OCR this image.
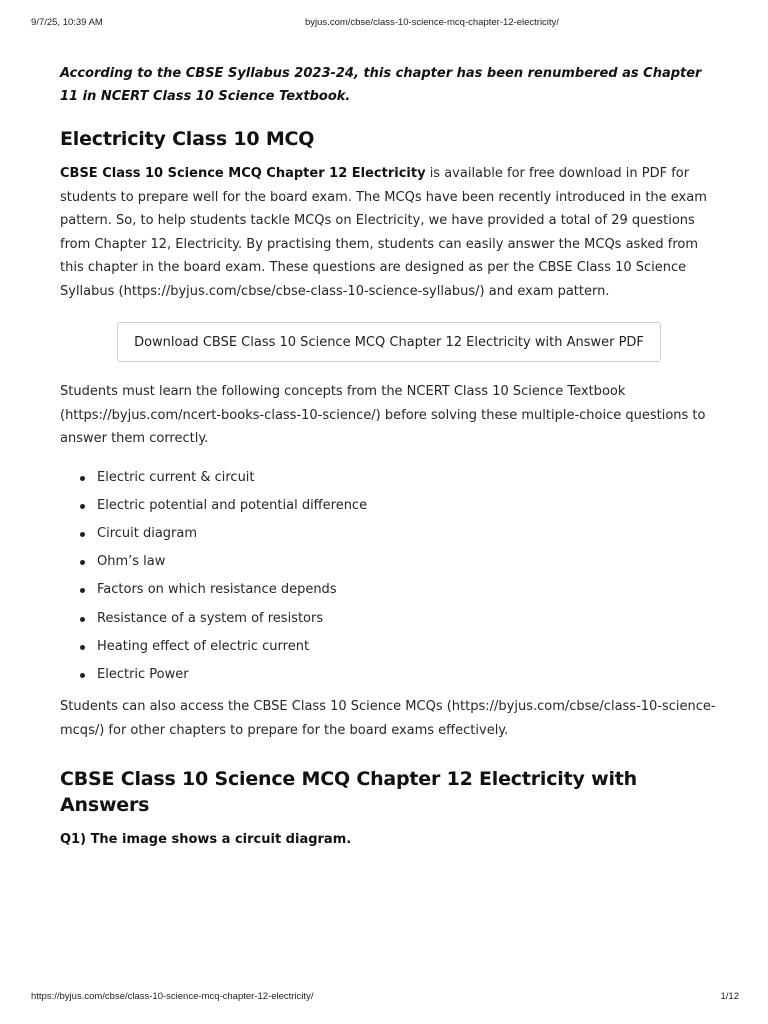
9/7/25, 10:39 AM	byjus.com/cbse/class-10-science-mcq-chapter-12-electricity/

According to the CBSE Syllabus 2023-24, this chapter has been renumbered as Chapter 11 in NCERT Class 10 Science Textbook.

Electricity Class 10 MCQ

CBSE Class 10 Science MCQ Chapter 12 Electricity is available for free download in PDF for students to prepare well for the board exam. The MCQs have been recently introduced in the exam pattern. So, to help students tackle MCQs on Electricity, we have provided a total of 29 questions from Chapter 12, Electricity. By practising them, students can easily answer the MCQs asked from this chapter in the board exam. These questions are designed as per the CBSE Class 10 Science Syllabus (https://byjus.com/cbse/cbse-class-10-science-syllabus/) and exam pattern.

Download CBSE Class 10 Science MCQ Chapter 12 Electricity with Answer PDF

Students must learn the following concepts from the NCERT Class 10 Science Textbook (https://byjus.com/ncert-books-class-10-science/) before solving these multiple-choice questions to answer them correctly.

Electric current & circuit
Electric potential and potential difference
Circuit diagram
Ohm’s law
Factors on which resistance depends
Resistance of a system of resistors
Heating effect of electric current
Electric Power

Students can also access the CBSE Class 10 Science MCQs (https://byjus.com/cbse/class-10-science-mcqs/) for other chapters to prepare for the board exams effectively.

CBSE Class 10 Science MCQ Chapter 12 Electricity with Answers

Q1) The image shows a circuit diagram.

https://byjus.com/cbse/class-10-science-mcq-chapter-12-electricity/	1/12
